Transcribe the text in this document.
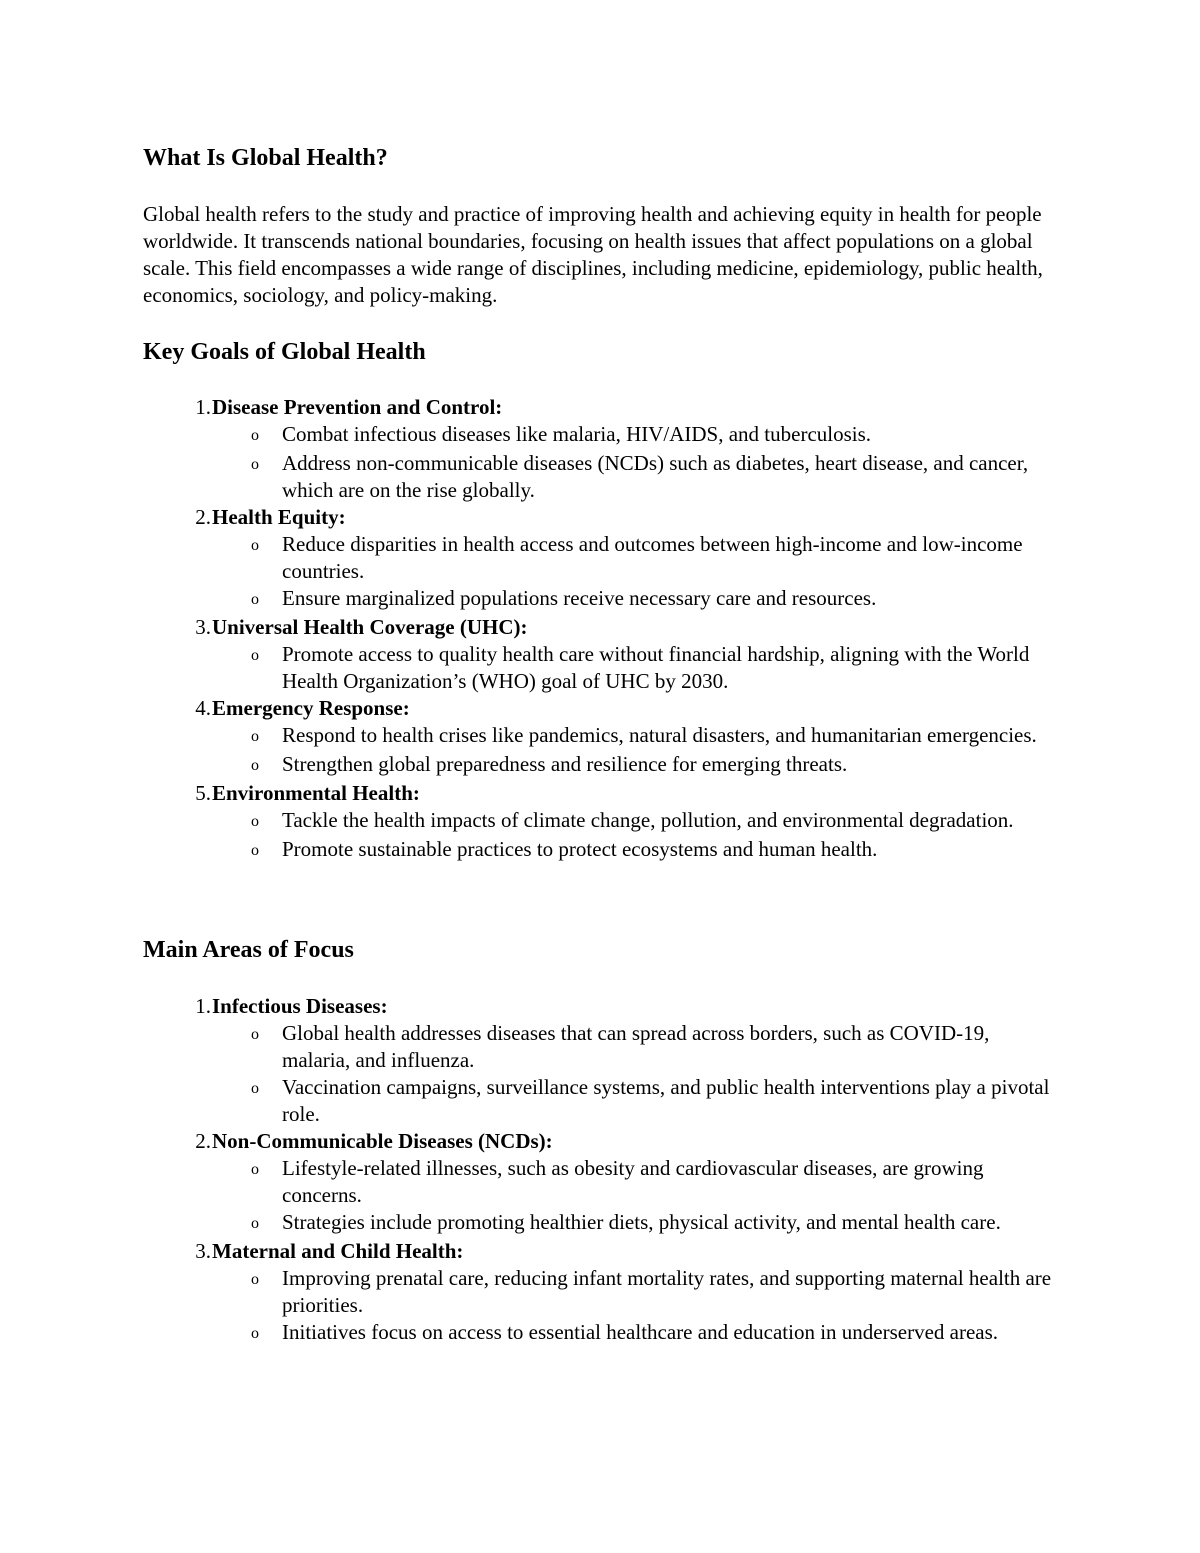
What Is Global Health?

Global health refers to the study and practice of improving health and achieving equity in health for people worldwide. It transcends national boundaries, focusing on health issues that affect populations on a global scale. This field encompasses a wide range of disciplines, including medicine, epidemiology, public health, economics, sociology, and policy-making.

Key Goals of Global Health
1. Disease Prevention and Control:
o	Combat infectious diseases like malaria, HIV/AIDS, and tuberculosis.
o	Address non-communicable diseases (NCDs) such as diabetes, heart disease, and cancer, which are on the rise globally.
2. Health Equity:
o	Reduce disparities in health access and outcomes between high-income and low-income countries.
o	Ensure marginalized populations receive necessary care and resources.
3. Universal Health Coverage (UHC):
o	Promote access to quality health care without financial hardship, aligning with the World Health Organization’s (WHO) goal of UHC by 2030.
4. Emergency Response:
o	Respond to health crises like pandemics, natural disasters, and humanitarian emergencies.
o	Strengthen global preparedness and resilience for emerging threats.
5. Environmental Health:
o	Tackle the health impacts of climate change, pollution, and environmental degradation.
o	Promote sustainable practices to protect ecosystems and human health.
Main Areas of Focus
1. Infectious Diseases:
o	Global health addresses diseases that can spread across borders, such as COVID-19, malaria, and influenza.
o	Vaccination campaigns, surveillance systems, and public health interventions play a pivotal role.
2. Non-Communicable Diseases (NCDs):
o	Lifestyle-related illnesses, such as obesity and cardiovascular diseases, are growing concerns.
o	Strategies include promoting healthier diets, physical activity, and mental health care.
3. Maternal and Child Health:
o	Improving prenatal care, reducing infant mortality rates, and supporting maternal health are priorities.
o	Initiatives focus on access to essential healthcare and education in underserved areas.
